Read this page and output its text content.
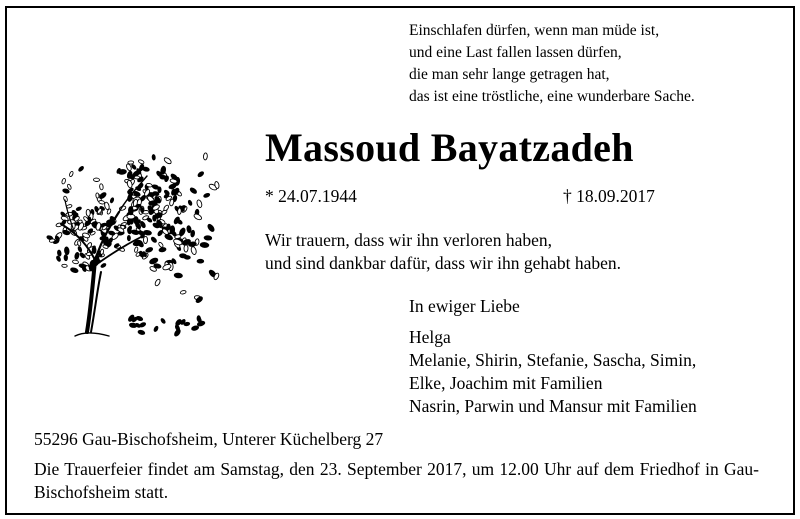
Einschlafen dürfen, wenn man müde ist,
und eine Last fallen lassen dürfen,
die man sehr lange getragen hat,
das ist eine tröstliche, eine wunderbare Sache.
Massoud Bayatzadeh
* 24.07.1944	† 18.09.2017
Wir trauern, dass wir ihn verloren haben,
und sind dankbar dafür, dass wir ihn gehabt haben.
In ewiger Liebe
Helga
Melanie, Shirin, Stefanie, Sascha, Simin,
Elke, Joachim mit Familien
Nasrin, Parwin und Mansur mit Familien
55296 Gau-Bischofsheim, Unterer Küchelberg 27
Die Trauerfeier findet am Samstag, den 23. September 2017, um 12.00 Uhr auf dem Friedhof in Gau-Bischofsheim statt.
